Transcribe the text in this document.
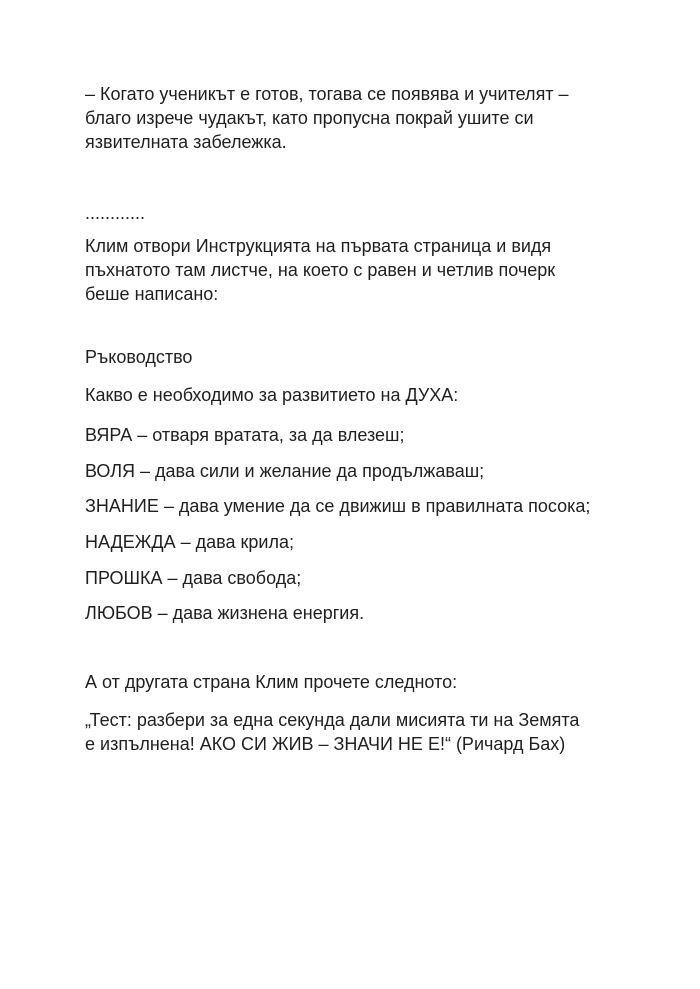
– Когато ученикът е готов, тогава се появява и учителят –
благо изрече чудакът, като пропусна покрай ушите си
язвителната забележка.

............

Клим отвори Инструкцията на първата страница и видя
пъхнатото там листче, на което с равен и четлив почерк
беше написано:

Ръководство

Какво е необходимо за развитието на ДУХА:

ВЯРА – отваря вратата, за да влезеш;

ВОЛЯ – дава сили и желание да продължаваш;

ЗНАНИЕ – дава умение да се движиш в правилната посока;

НАДЕЖДА – дава крила;

ПРОШКА – дава свобода;

ЛЮБОВ – дава жизнена енергия.

А от другата страна Клим прочете следното:

„Тест: разбери за една секунда дали мисията ти на Земята
е изпълнена! АКО СИ ЖИВ – ЗНАЧИ НЕ Е!“ (Ричард Бах)
